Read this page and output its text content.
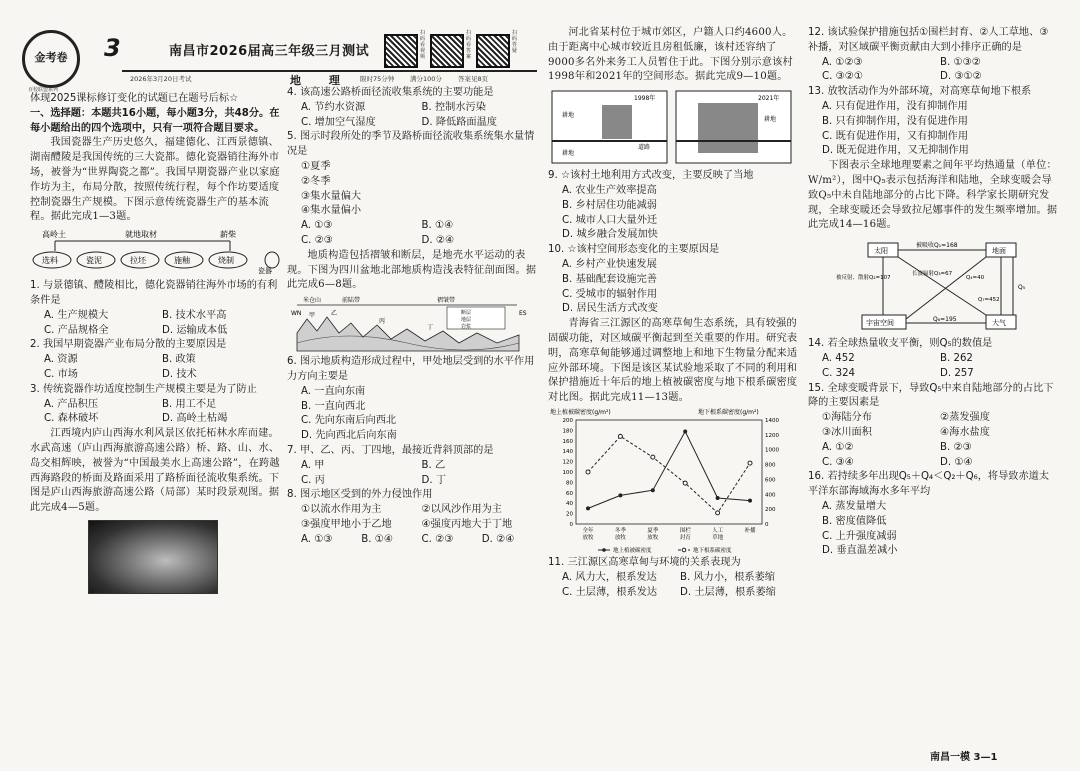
金考卷
百校联盟系列
3	南昌市2026届高三年级三月测试
扫码看视频
扫码看答案
扫码答疑
2026年3月20日考试	地 理 限时75分钟 满分100分 答案见8页

体现2025课标修订变化的试题已在题号后标☆

一、选择题：本题共16小题，每小题3分，共48分。在每小题给出的四个选项中，只有一项符合题目要求。

我国瓷器生产历史悠久，福建德化、江西景德镇、湖南醴陵是我国传统的三大瓷都。德化瓷器销往海外市场，被誉为“世界陶瓷之都”。我国早期瓷器产业以家庭作坊为主，布局分散，按照传统行程，每个作坊要适度控制瓷器生产规模。下图示意传统瓷器生产的基本流程。据此完成1—3题。

高岭土	就地取材	薪柴
选料	瓷泥	拉坯	施釉	烧制
瓷器

1. 与景德镇、醴陵相比，德化瓷器销往海外市场的有利条件是

A. 生产规模大	B. 技术水平高
C. 产品规格全	D. 运输成本低

2. 我国早期瓷器产业布局分散的主要原因是

A. 资源	B. 政策
C. 市场	D. 技术

3. 传统瓷器作坊适度控制生产规模主要是为了防止

A. 产品积压	B. 用工不足
C. 森林破坏	D. 高岭土枯竭

江西境内庐山西海水利风景区依托柘林水库而建。水武高速（庐山西海旅游高速公路）桥、路、山、水、岛交相辉映，被誉为“中国最美水上高速公路”，在跨越西海路段的桥面及路面采用了路桥面径流收集系统。下图是庐山西海旅游高速公路（局部）某时段景观图。据此完成4—5题。

4. 该高速公路桥面径流收集系统的主要功能是

A. 节约水资源	B. 控制水污染
C. 增加空气湿度	D. 降低路面温度

5. 图示时段所处的季节及路桥面径流收集系统集水量情况是

①夏季

②冬季

③集水量偏大

④集水量偏小

A. ①③	B. ①④
C. ②③	D. ②④

地质构造包括褶皱和断层，是地壳水平运动的表现。下图为四川盆地北部地质构造浅表特征剖面图。据此完成6—8题。

米仓山	前陆带	褶皱带
WN	ES
甲	乙
丙
丁
断层
地层
岩浆

6. 图示地质构造形成过程中，甲处地层受到的水平作用力方向主要是

A. 一直向东南

B. 一直向西北

C. 先向东南后向西北

D. 先向西北后向东南

7. 甲、乙、丙、丁四地，最接近背斜顶部的是

A. 甲	B. 乙
C. 丙	D. 丁

8. 图示地区受到的外力侵蚀作用

①以流水作用为主	②以风沙作用为主
③强度甲地小于乙地	④强度丙地大于丁地
A. ①③	B. ①④	C. ②③	D. ②④

河北省某村位于城市郊区，户籍人口约4600人。由于距离中心城市较近且房租低廉，该村还容纳了9000多名外来务工人员暂住于此。下图分别示意该村1998年和2021年的空间形态。据此完成9—10题。

1998年	2021年
耕地
耕地
耕地
道路

9. ☆该村土地利用方式改变，主要反映了当地

A. 农业生产效率提高

B. 乡村居住功能减弱

C. 城市人口大量外迁

D. 城乡融合发展加快

10. ☆该村空间形态变化的主要原因是

A. 乡村产业快速发展

B. 基础配套设施完善

C. 受城市的辐射作用

D. 居民生活方式改变

青海省三江源区的高寒草甸生态系统，具有较强的固碳功能，对区域碳平衡起到至关重要的作用。研究表明，高寒草甸能够通过调整地上和地下生物量分配来适应外部环境。下图是该区某试验地采取了不同的利用和保护措施近十年后的地上植被碳密度与地下根系碳密度对比图。据此完成11—13题。

地上植被碳密度(g/m²)	地下根系碳密度(g/m²)
0
20
40
60
80
100
120
140
160
180
200
0
200
400
600
800
1000
1200
1400
全年
放牧
冬季
放牧
夏季
放牧
围栏
封育
人工
草地
补播
地上植被碳密度	地下根系碳密度

11. 三江源区高寒草甸与环境的关系表现为

A. 风力大，根系发达	B. 风力小，根系萎缩
C. 土层薄，根系发达	D. 土层薄，根系萎缩

12. 该试验保护措施包括①围栏封育、②人工草地、③补播，对区域碳平衡贡献由大到小排序正确的是

A. ①②③	B. ①③②
C. ③②①	D. ③①②

13. 放牧活动作为外部环境，对高寒草甸地下根系

A. 只有促进作用，没有抑制作用

B. 只有抑制作用，没有促进作用

C. 既有促进作用，又有抑制作用

D. 既无促进作用，又无抑制作用

下图表示全球地理要素之间年平均热通量（单位：W/m²），图中Q₅表示包括海洋和陆地，全球变暖会导致Q₅中未自陆地部分的占比下降。科学家长期研究发现，全球变暖还会导致拉尼娜事件的发生频率增加。据此完成14—16题。

太阳	地面
宇宙空间	大气
被吸收Q₁=168
被反射、散射Q₂=107
长波辐射Q₃=67
Q₄=40
Q₆=195
Q₅
Q₇=452

14. 若全球热量收支平衡，则Q₅的数值是

A. 452	B. 262
C. 324	D. 257

15. 全球变暖背景下，导致Q₅中来自陆地部分的占比下降的主要因素是

①海陆分布	②蒸发强度
③冰川面积	④海水盐度
A. ①②	B. ②③
C. ③④	D. ①④

16. 若持续多年出现Q₅＋Q₄＜Q₂＋Q₆，将导致赤道太平洋东部海域海水多年平均

A. 蒸发量增大

B. 密度值降低

C. 上升强度减弱

D. 垂直温差减小

南昌一模 3—1
